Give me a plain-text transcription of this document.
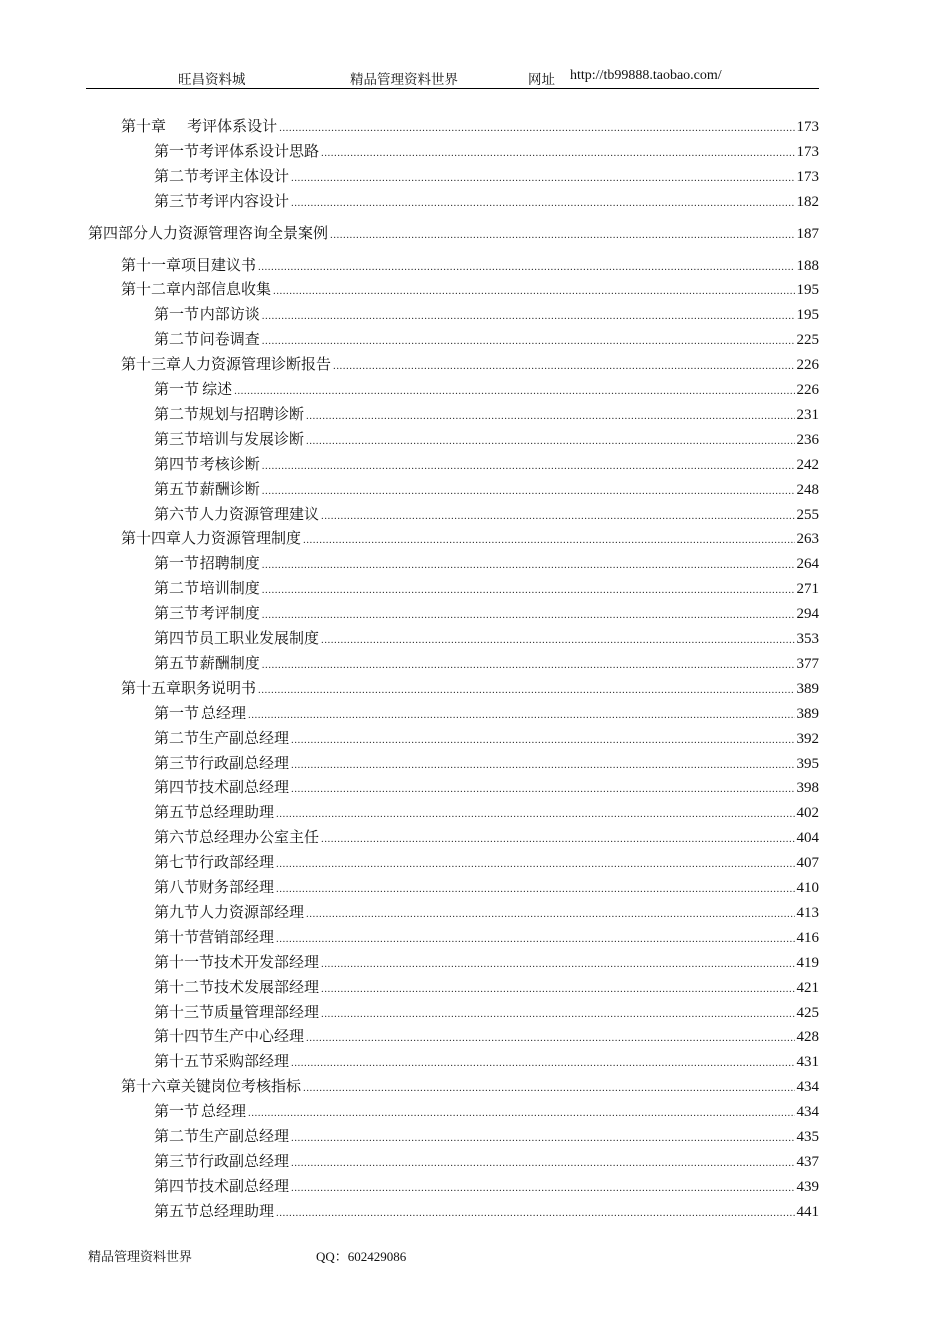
旺昌资料城	精品管理资料世界	网址 http://tb99888.taobao.com/
第十章	考评体系设计 .....	173
第一节 考评体系设计思路 .....	173
第二节 考评主体设计 .....	173
第三节 考评内容设计 .....	182
第四部分 人力资源管理咨询全景案例 .....	187
第十一章 项目建议书 .....	188
第十二章 内部信息收集 .....	195
第一节 内部访谈 .....	195
第二节 问卷调查 .....	225
第十三章 人力资源管理诊断报告 .....	226
第一节 综述 .....	226
第二节 规划与招聘诊断 .....	231
第三节 培训与发展诊断 .....	236
第四节 考核诊断 .....	242
第五节 薪酬诊断 .....	248
第六节 人力资源管理建议 .....	255
第十四章 人力资源管理制度 .....	263
第一节 招聘制度 .....	264
第二节 培训制度 .....	271
第三节 考评制度 .....	294
第四节 员工职业发展制度 .....	353
第五节 薪酬制度 .....	377
第十五章 职务说明书 .....	389
第一节 总经理 .....	389
第二节 生产副总经理 .....	392
第三节 行政副总经理 .....	395
第四节 技术副总经理 .....	398
第五节 总经理助理 .....	402
第六节 总经理办公室主任 .....	404
第七节 行政部经理 .....	407
第八节 财务部经理 .....	410
第九节 人力资源部经理 .....	413
第十节 营销部经理 .....	416
第十一节 技术开发部经理 .....	419
第十二节 技术发展部经理 .....	421
第十三节 质量管理部经理 .....	425
第十四节 生产中心经理 .....	428
第十五节 采购部经理 .....	431
第十六章 关键岗位考核指标 .....	434
第一节 总经理 .....	434
第二节 生产副总经理 .....	435
第三节 行政副总经理 .....	437
第四节 技术副总经理 .....	439
第五节 总经理助理 .....	441
精品管理资料世界	QQ：602429086
